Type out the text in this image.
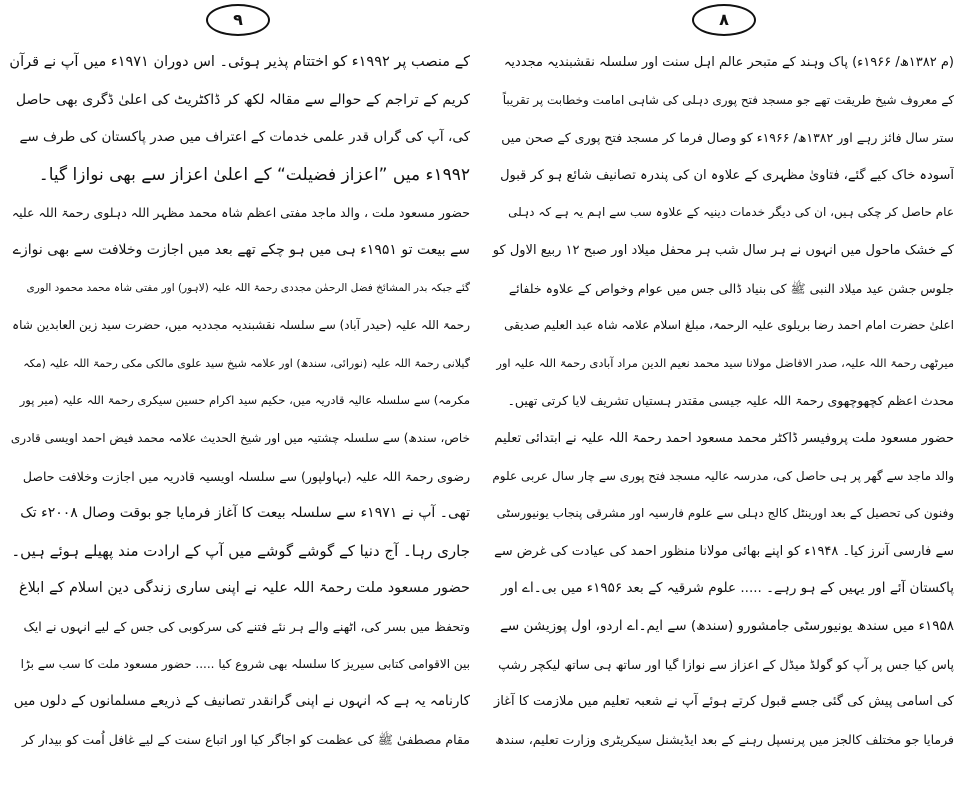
۹
کے منصب پر ۱۹۹۲ء کو اختتام پذیر ہوئی۔ اس دوران ۱۹۷۱ء میں آپ نے قرآن
کریم کے تراجم کے حوالے سے مقالہ لکھ کر ڈاکٹریٹ کی اعلیٰ ڈگری بھی حاصل
کی، آپ کی گراں قدر علمی خدمات کے اعتراف میں صدر پاکستان کی طرف سے
۱۹۹۲ء میں ”اعزاز فضیلت“ کے اعلیٰ اعزاز سے بھی نوازا گیا۔
حضور مسعود ملت ، والد ماجد مفتی اعظم شاہ محمد مظہر اللہ دہلوی رحمۃ اللہ علیہ
سے بیعت تو ۱۹۵۱ء ہی میں ہو چکے تھے بعد میں اجازت وخلافت سے بھی نوازے
گئے جبکہ بدر المشائخ فضل الرحمٰن مجددی رحمۃ اللہ علیہ (لاہور) اور مفتی شاہ محمد محمود الوری
رحمۃ اللہ علیہ (حیدر آباد) سے سلسلہ نقشبندیہ مجددیہ میں، حضرت سید زین العابدین شاہ
گیلانی رحمۃ اللہ علیہ (نورائی، سندھ) اور علامہ شیخ سید علوی مالکی مکی رحمۃ اللہ علیہ (مکہ
مکرمہ) سے سلسلہ عالیہ قادریہ میں، حکیم سید اکرام حسین سیکری رحمۃ اللہ علیہ (میر پور
خاص، سندھ) سے سلسلہ چشتیہ میں اور شیخ الحدیث علامہ محمد فیض احمد اویسی قادری
رضوی رحمۃ اللہ علیہ (بہاولپور) سے سلسلہ اویسیہ قادریہ میں اجازت وخلافت حاصل
تھی۔ آپ نے ۱۹۷۱ء سے سلسلہ بیعت کا آغاز فرمایا جو بوقت وصال ۲۰۰۸ء تک
جاری رہا۔ آج دنیا کے گوشے گوشے میں آپ کے ارادت مند پھیلے ہوئے ہیں۔
حضور مسعود ملت رحمۃ اللہ علیہ نے اپنی ساری زندگی دین اسلام کے ابلاغ
وتحفظ میں بسر کی، اٹھنے والے ہر نئے فتنے کی سرکوبی کی جس کے لیے انہوں نے ایک
بین الاقوامی کتابی سیریز کا سلسلہ بھی شروع کیا ..... حضور مسعود ملت کا سب سے بڑا
کارنامہ یہ ہے کہ انہوں نے اپنی گرانقدر تصانیف کے ذریعے مسلمانوں کے دلوں میں
مقام مصطفیٰ ﷺ کی عظمت کو اجاگر کیا اور اتباع سنت کے لیے غافل اُمت کو بیدار کر
۸
(م ۱۳۸۲ھ/ ۱۹۶۶ء) پاک وہند کے متبحر عالم اہل سنت اور سلسلہ نقشبندیہ مجددیہ
کے معروف شیخ طریقت تھے جو مسجد فتح پوری دہلی کی شاہی امامت وخطابت پر تقریباً
ستر سال فائز رہے اور ۱۳۸۲ھ/ ۱۹۶۶ء کو وصال فرما کر مسجد فتح پوری کے صحن میں
آسودہ خاک کیے گئے، فتاویٰ مظہری کے علاوہ ان کی پندرہ تصانیف شائع ہو کر قبول
عام حاصل کر چکی ہیں، ان کی دیگر خدمات دینیہ کے علاوہ سب سے اہم یہ ہے کہ دہلی
کے خشک ماحول میں انہوں نے ہر سال شب ہر محفل میلاد اور صبح ۱۲ ربیع الاول کو
جلوس جشن عید میلاد النبی ﷺ کی بنیاد ڈالی جس میں عوام وخواص کے علاوہ خلفائے
اعلیٰ حضرت امام احمد رضا بریلوی علیہ الرحمۃ، مبلغ اسلام علامہ شاہ عبد العلیم صدیقی
میرٹھی رحمۃ اللہ علیہ، صدر الافاضل مولانا سید محمد نعیم الدین مراد آبادی رحمۃ اللہ علیہ اور
محدث اعظم کچھوچھوی رحمۃ اللہ علیہ جیسی مقتدر ہستیاں تشریف لایا کرتی تھیں۔
حضور مسعود ملت پروفیسر ڈاکٹر محمد مسعود احمد رحمۃ اللہ علیہ نے ابتدائی تعلیم
والد ماجد سے گھر پر ہی حاصل کی، مدرسہ عالیہ مسجد فتح پوری سے چار سال عربی علوم
وفنون کی تحصیل کے بعد اورینٹل کالج دہلی سے علوم فارسیہ اور مشرقی پنجاب یونیورسٹی
سے فارسی آنرز کیا۔ ۱۹۴۸ء کو اپنے بھائی مولانا منظور احمد کی عیادت کی غرض سے
پاکستان آئے اور یہیں کے ہو رہے۔ ..... علوم شرقیہ کے بعد ۱۹۵۶ء میں بی۔اے اور
۱۹۵۸ء میں سندھ یونیورسٹی جامشورو (سندھ) سے ایم۔اے اردو، اول پوزیشن سے
پاس کیا جس پر آپ کو گولڈ میڈل کے اعزاز سے نوازا گیا اور ساتھ ہی ساتھ لیکچر رشپ
کی اسامی پیش کی گئی جسے قبول کرتے ہوئے آپ نے شعبہ تعلیم میں ملازمت کا آغاز
فرمایا جو مختلف کالجز میں پرنسپل رہنے کے بعد ایڈیشنل سیکریٹری وزارت تعلیم، سندھ
